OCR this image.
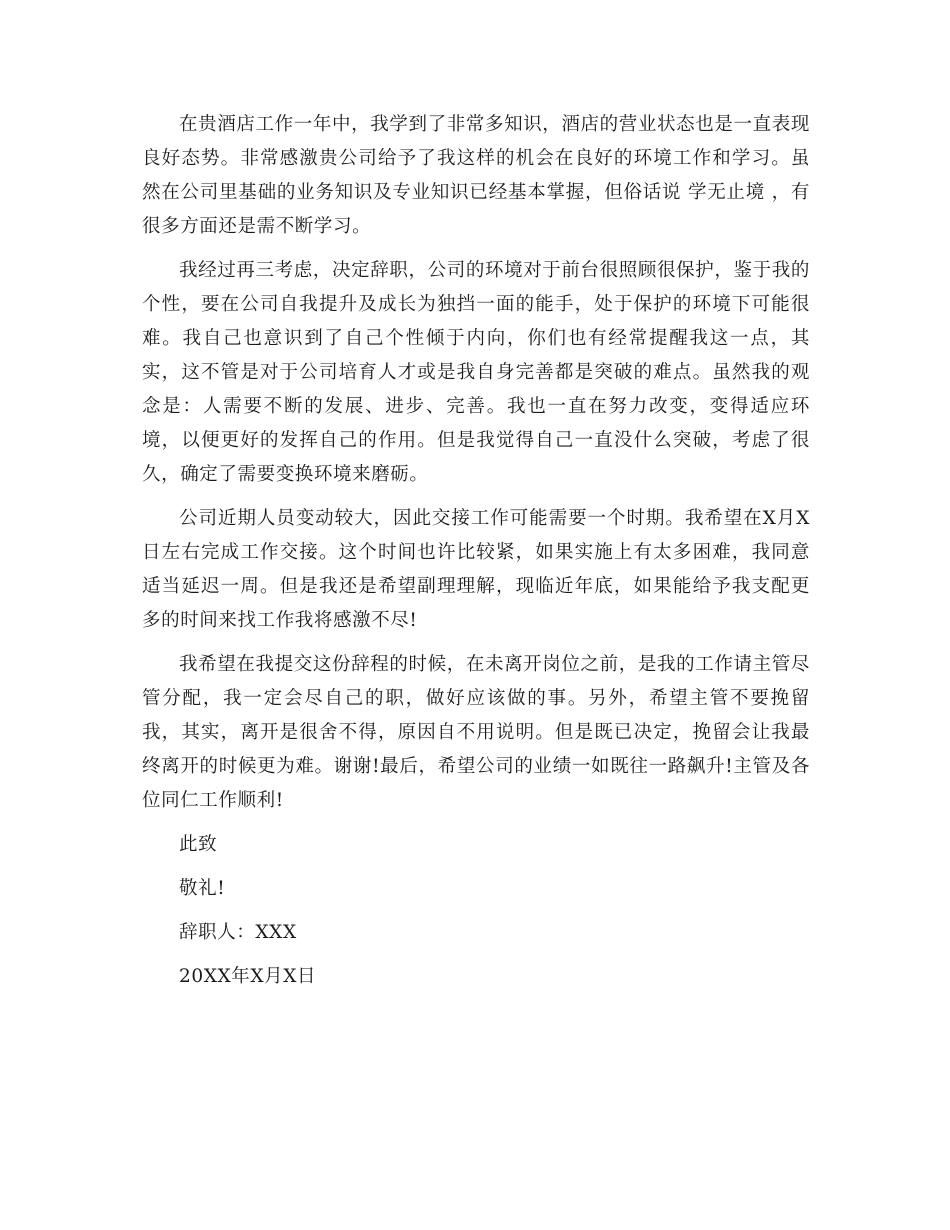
在贵酒店工作一年中，我学到了非常多知识，酒店的营业状态也是一直表现良好态势。非常感激贵公司给予了我这样的机会在良好的环境工作和学习。虽然在公司里基础的业务知识及专业知识已经基本掌握，但俗话说 学无止境 ，有很多方面还是需不断学习。

我经过再三考虑，决定辞职，公司的环境对于前台很照顾很保护，鉴于我的个性，要在公司自我提升及成长为独挡一面的能手，处于保护的环境下可能很难。我自己也意识到了自己个性倾于内向，你们也有经常提醒我这一点，其实，这不管是对于公司培育人才或是我自身完善都是突破的难点。虽然我的观念是：人需要不断的发展、进步、完善。我也一直在努力改变，变得适应环境，以便更好的发挥自己的作用。但是我觉得自己一直没什么突破，考虑了很久，确定了需要变换环境来磨砺。

公司近期人员变动较大，因此交接工作可能需要一个时期。我希望在X月X日左右完成工作交接。这个时间也许比较紧，如果实施上有太多困难，我同意适当延迟一周。但是我还是希望副理理解，现临近年底，如果能给予我支配更多的时间来找工作我将感激不尽!

我希望在我提交这份辞程的时候，在未离开岗位之前，是我的工作请主管尽管分配，我一定会尽自己的职，做好应该做的事。另外，希望主管不要挽留我，其实，离开是很舍不得，原因自不用说明。但是既已决定，挽留会让我最终离开的时候更为难。谢谢!最后，希望公司的业绩一如既往一路飙升!主管及各位同仁工作顺利!

此致

敬礼!

辞职人：XXX

20XX年X月X日
